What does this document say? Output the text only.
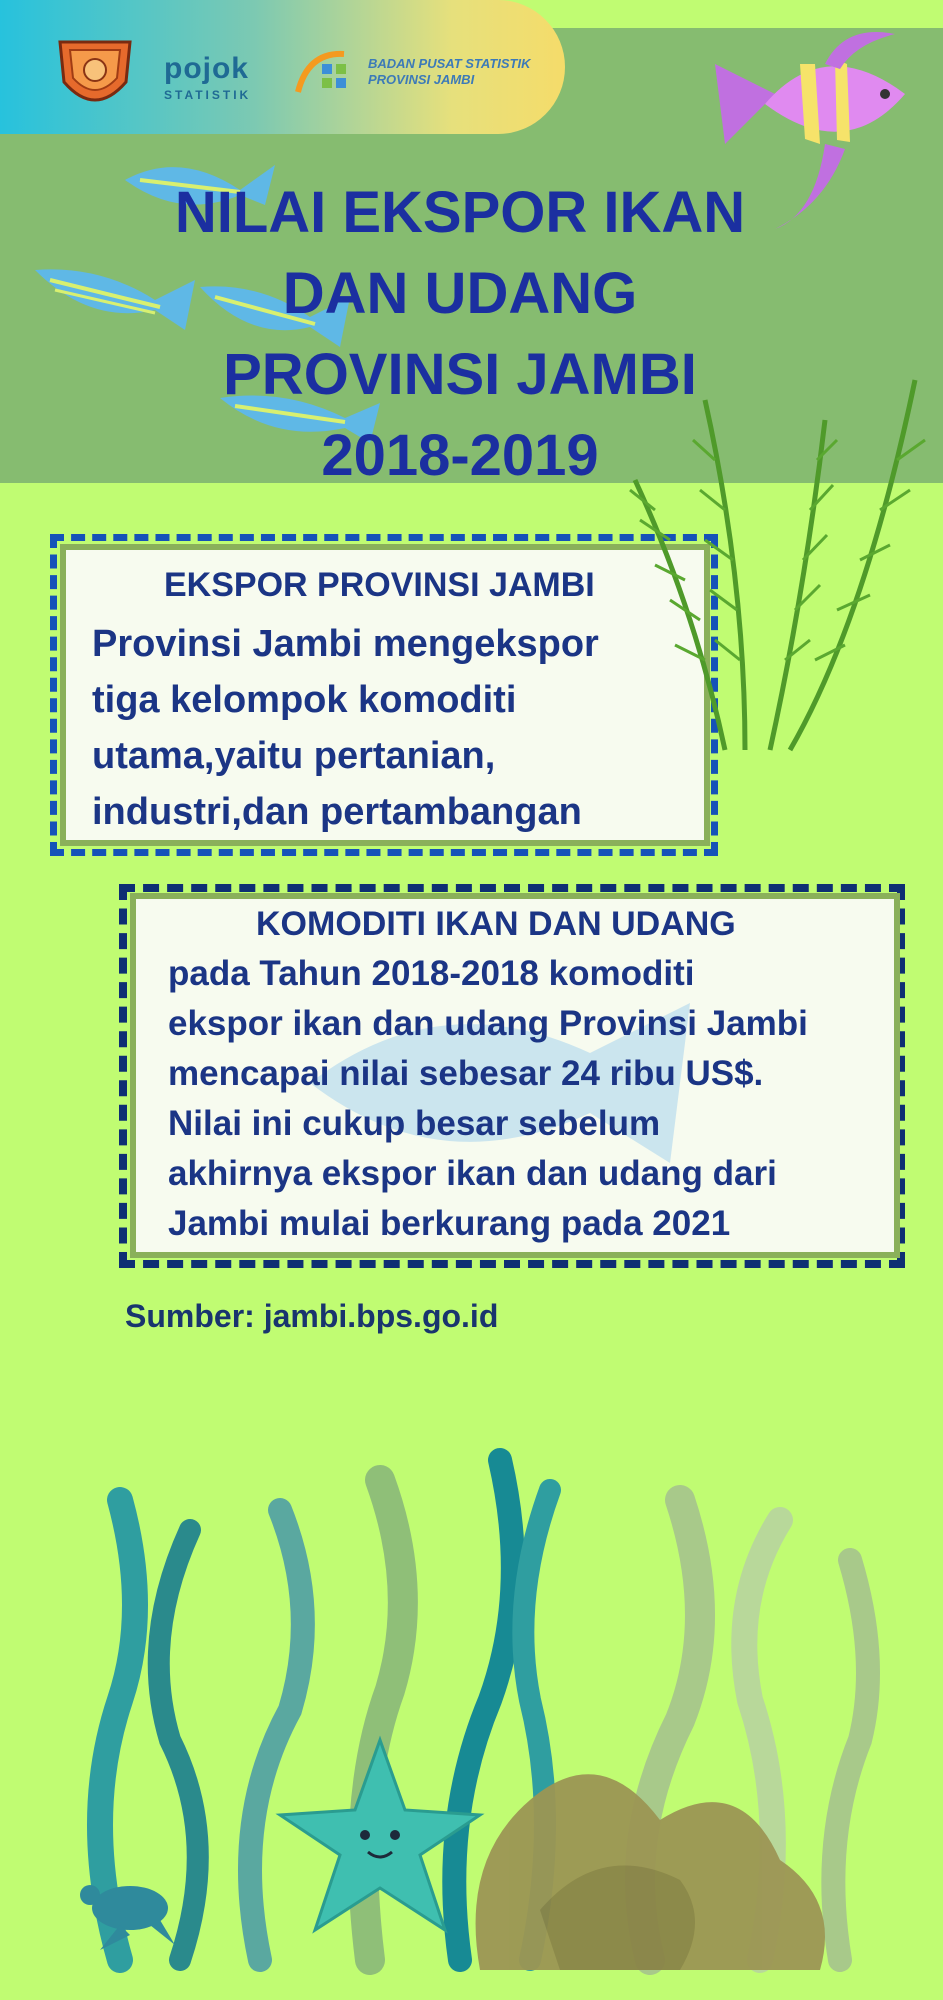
pojok
STATISTIK
BADAN PUSAT STATISTIK
PROVINSI JAMBI
NILAI EKSPOR IKAN
DAN UDANG
PROVINSI JAMBI
2018-2019
EKSPOR PROVINSI JAMBI
Provinsi Jambi mengekspor
tiga kelompok komoditi
utama,yaitu pertanian,
industri,dan pertambangan
KOMODITI IKAN DAN UDANG
pada Tahun 2018-2018 komoditi
ekspor ikan dan udang Provinsi Jambi
mencapai nilai sebesar 24 ribu US$.
Nilai ini cukup besar sebelum
akhirnya ekspor ikan dan udang dari
Jambi mulai berkurang pada 2021
Sumber: jambi.bps.go.id
